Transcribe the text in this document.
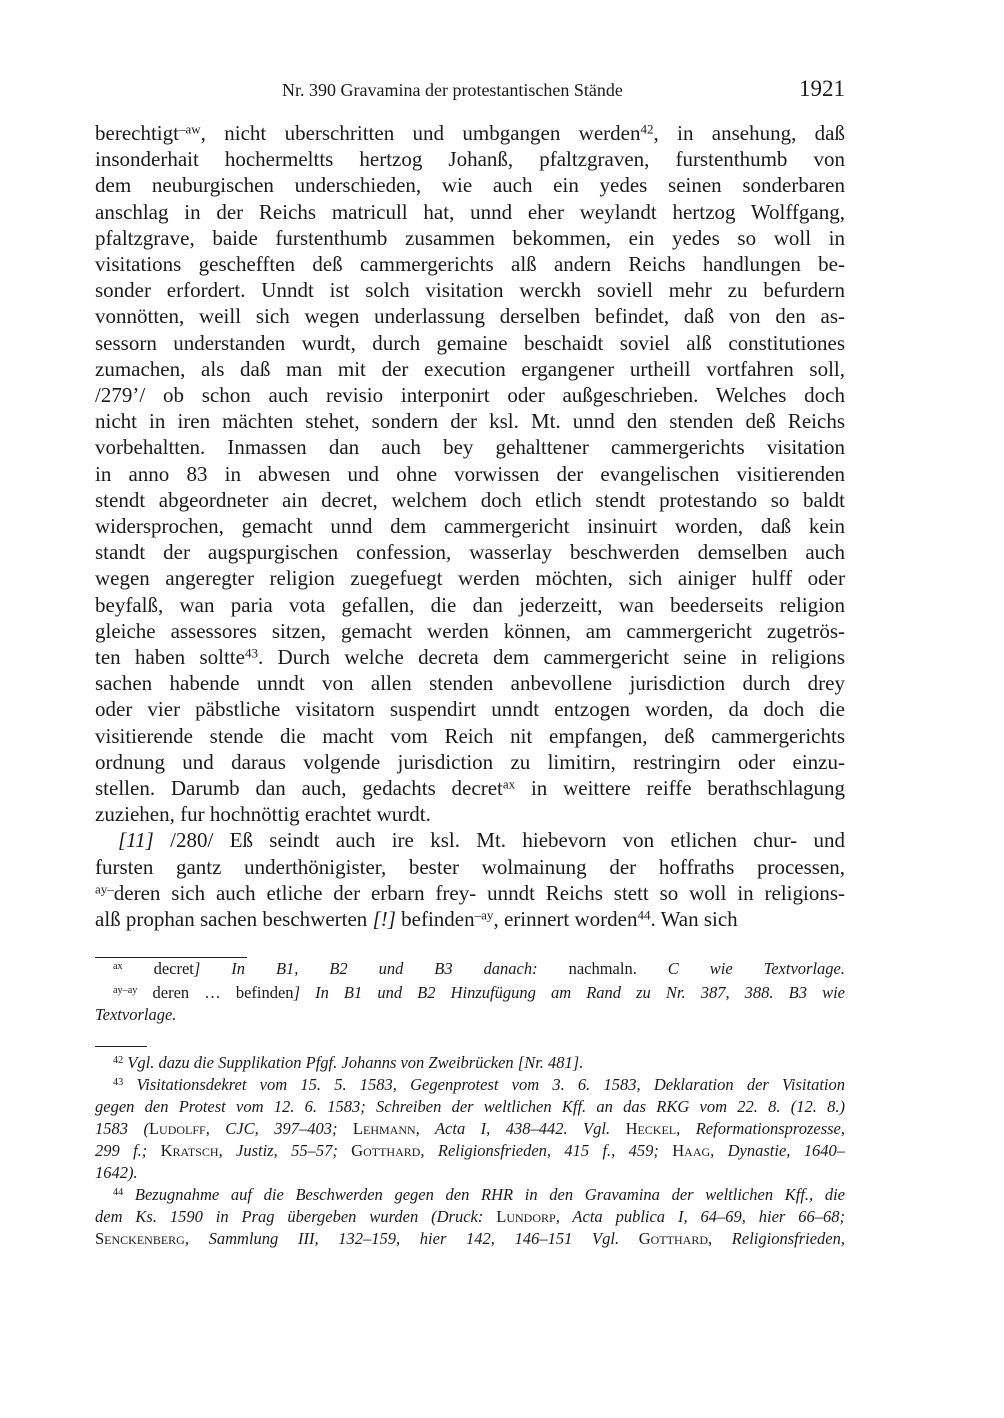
Nr. 390 Gravamina der protestantischen Stände	1921
berechtigt$^{-aw}$, nicht uberschritten und umbgangen werden$^{42}$, in ansehung, daß
insonderhait hochermeltts hertzog Johanß, pfaltzgraven, furstenthumb von
dem neuburgischen underschieden, wie auch ein yedes seinen sonderbaren
anschlag in der Reichs matricull hat, unnd eher weylandt hertzog Wolffgang,
pfaltzgrave, baide furstenthumb zusammen bekommen, ein yedes so woll in
visitations geschefften deß cammergerichts alß andern Reichs handlungen be-
sonder erfordert. Unndt ist solch visitation werckh soviell mehr zu befurdern
vonnötten, weill sich wegen underlassung derselben befindet, daß von den as-
sessorn understanden wurdt, durch gemaine beschaidt soviel alß constitutiones
zumachen, als daß man mit der execution ergangener urtheill vortfahren soll,
/279’/ ob schon auch revisio interponirt oder außgeschrieben. Welches doch
nicht in iren mächten stehet, sondern der ksl. Mt. unnd den stenden deß Reichs
vorbehaltten. Inmassen dan auch bey gehalttener cammergerichts visitation
in anno 83 in abwesen und ohne vorwissen der evangelischen visitierenden
stendt abgeordneter ain decret, welchem doch etlich stendt protestando so baldt
widersprochen, gemacht unnd dem cammergericht insinuirt worden, daß kein
standt der augspurgischen confession, wasserlay beschwerden demselben auch
wegen angeregter religion zuegefuegt werden möchten, sich ainiger hulff oder
beyfalß, wan paria vota gefallen, die dan jederzeitt, wan beederseits religion
gleiche assessores sitzen, gemacht werden können, am cammergericht zugetrös-
ten haben soltte$^{43}$. Durch welche decreta dem cammergericht seine in religions
sachen habende unndt von allen stenden anbevollene jurisdiction durch drey
oder vier päbstliche visitatorn suspendirt unndt entzogen worden, da doch die
visitierende stende die macht vom Reich nit empfangen, deß cammergerichts
ordnung und daraus volgende jurisdiction zu limitirn, restringirn oder einzu-
stellen. Darumb dan auch, gedachts decret$^{ax}$ in weittere reiffe berathschlagung
zuziehen, fur hochnöttig erachtet wurdt.
[11] /280/ Eß seindt auch ire ksl. Mt. hiebevorn von etlichen chur- und
fursten gantz underthönigister, bester wolmainung der hoffraths processen,
$^{ay-}$deren sich auch etliche der erbarn frey- unndt Reichs stett so woll in religions-
alß prophan sachen beschwerten [!] befinden$^{-ay}$, erinnert worden$^{44}$. Wan sich
$^{ax}$ decret] In B1, B2 und B3 danach: nachmaln. C wie Textvorlage.
$^{ay-ay}$ deren … befinden] In B1 und B2 Hinzufügung am Rand zu Nr. 387, 388. B3 wie
Textvorlage.
$^{42}$ Vgl. dazu die Supplikation Pfgf. Johanns von Zweibrücken [Nr. 481].
$^{43}$ Visitationsdekret vom 15. 5. 1583, Gegenprotest vom 3. 6. 1583, Deklaration der Visitation
gegen den Protest vom 12. 6. 1583; Schreiben der weltlichen Kff. an das RKG vom 22. 8. (12. 8.)
1583 (Ludolff, CJC, 397–403; Lehmann, Acta I, 438–442. Vgl. Heckel, Reformationsprozesse,
299 f.; Kratsch, Justiz, 55–57; Gotthard, Religionsfrieden, 415 f., 459; Haag, Dynastie, 1640–
1642).
$^{44}$ Bezugnahme auf die Beschwerden gegen den RHR in den Gravamina der weltlichen Kff., die
dem Ks. 1590 in Prag übergeben wurden (Druck: Lundorp, Acta publica I, 64–69, hier 66–68;
Senckenberg, Sammlung III, 132–159, hier 142, 146–151 Vgl. Gotthard, Religionsfrieden,
